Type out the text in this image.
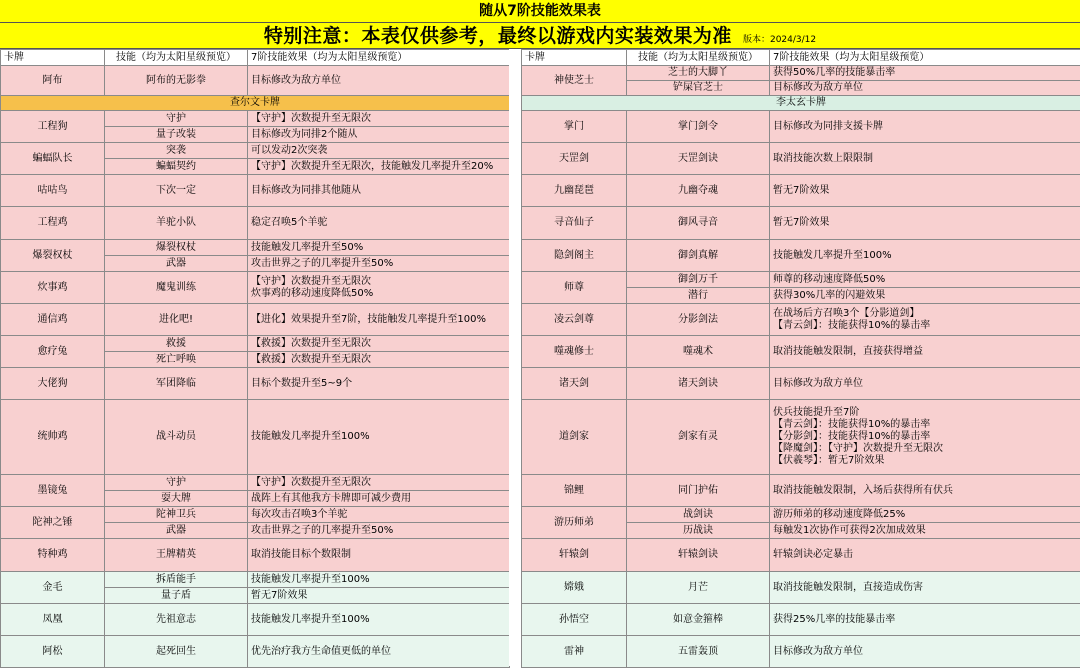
随从7阶技能效果表
特别注意：本表仅供参考，最终以游戏内实装效果为准 版本：2024/3/12
卡牌	技能（均为太阳星级预览）	7阶技能效果（均为太阳星级预览）
阿布	阿布的无影拳	目标修改为敌方单位
查尔文卡牌		
工程狗	守护	【守护】次数提升至无限次
	量子改装	目标修改为同排2个随从
蝙蝠队长	突袭	可以发动2次突袭
	蝙蝠契约	【守护】次数提升至无限次，技能触发几率提升至20%
咕咕鸟	下次一定	目标修改为同排其他随从
工程鸡	羊驼小队	稳定召唤5个羊驼
爆裂权杖	爆裂权杖	技能触发几率提升至50%
	武器	攻击世界之子的几率提升至50%
炊事鸡	魔鬼训练	【守护】次数提升至无限次
炊事鸡的移动速度降低50%
通信鸡	进化吧!	【进化】效果提升至7阶，技能触发几率提升至100%
愈疗兔	救援	【救援】次数提升至无限次
	死亡呼唤	【救援】次数提升至无限次
大佬狗	军团降临	目标个数提升至5~9个
统帅鸡	战斗动员	技能触发几率提升至100%
墨镜兔	守护	【守护】次数提升至无限次
	耍大牌	战阵上有其他我方卡牌即可减少费用
陀神之锤	陀神卫兵	每次攻击召唤3个羊驼
	武器	攻击世界之子的几率提升至50%
特种鸡	王牌精英	取消技能目标个数限制
金毛	拆盾能手	技能触发几率提升至100%
	量子盾	暂无7阶效果
凤凰	先祖意志	技能触发几率提升至100%
阿松	起死回生	优先治疗我方生命值更低的单位
卡牌	技能（均为太阳星级预览）	7阶技能效果（均为太阳星级预览）
神使芝士	芝士的大脚丫	获得50%几率的技能暴击率
	铲屎官芝士	目标修改为敌方单位
李太玄卡牌		
掌门	掌门剑令	目标修改为同排支援卡牌
天罡剑	天罡剑诀	取消技能次数上限限制
九幽琵琶	九幽夺魂	暂无7阶效果
寻音仙子	御风寻音	暂无7阶效果
隐剑阁主	御剑真解	技能触发几率提升至100%
师尊	御剑万千	师尊的移动速度降低50%
	潜行	获得30%几率的闪避效果
凌云剑尊	分影剑法	在战场后方召唤3个【分影道剑】
【青云剑】：技能获得10%的暴击率
噬魂修士	噬魂术	取消技能触发限制，直接获得增益
诸天剑	诸天剑诀	目标修改为敌方单位
道剑家	剑家有灵	伏兵技能提升至7阶
【青云剑】：技能获得10%的暴击率
【分影剑】：技能获得10%的暴击率
【降魔剑】：【守护】次数提升至无限次
【伏羲琴】：暂无7阶效果
锦鲤	同门护佑	取消技能触发限制，入场后获得所有伏兵
游历师弟	战剑诀	游历师弟的移动速度降低25%
	历战诀	每触发1次协作可获得2次加成效果
轩辕剑	轩辕剑诀	轩辕剑诀必定暴击
嫦娥	月芒	取消技能触发限制，直接造成伤害
孙悟空	如意金箍棒	获得25%几率的技能暴击率
雷神	五雷轰顶	目标修改为敌方单位
